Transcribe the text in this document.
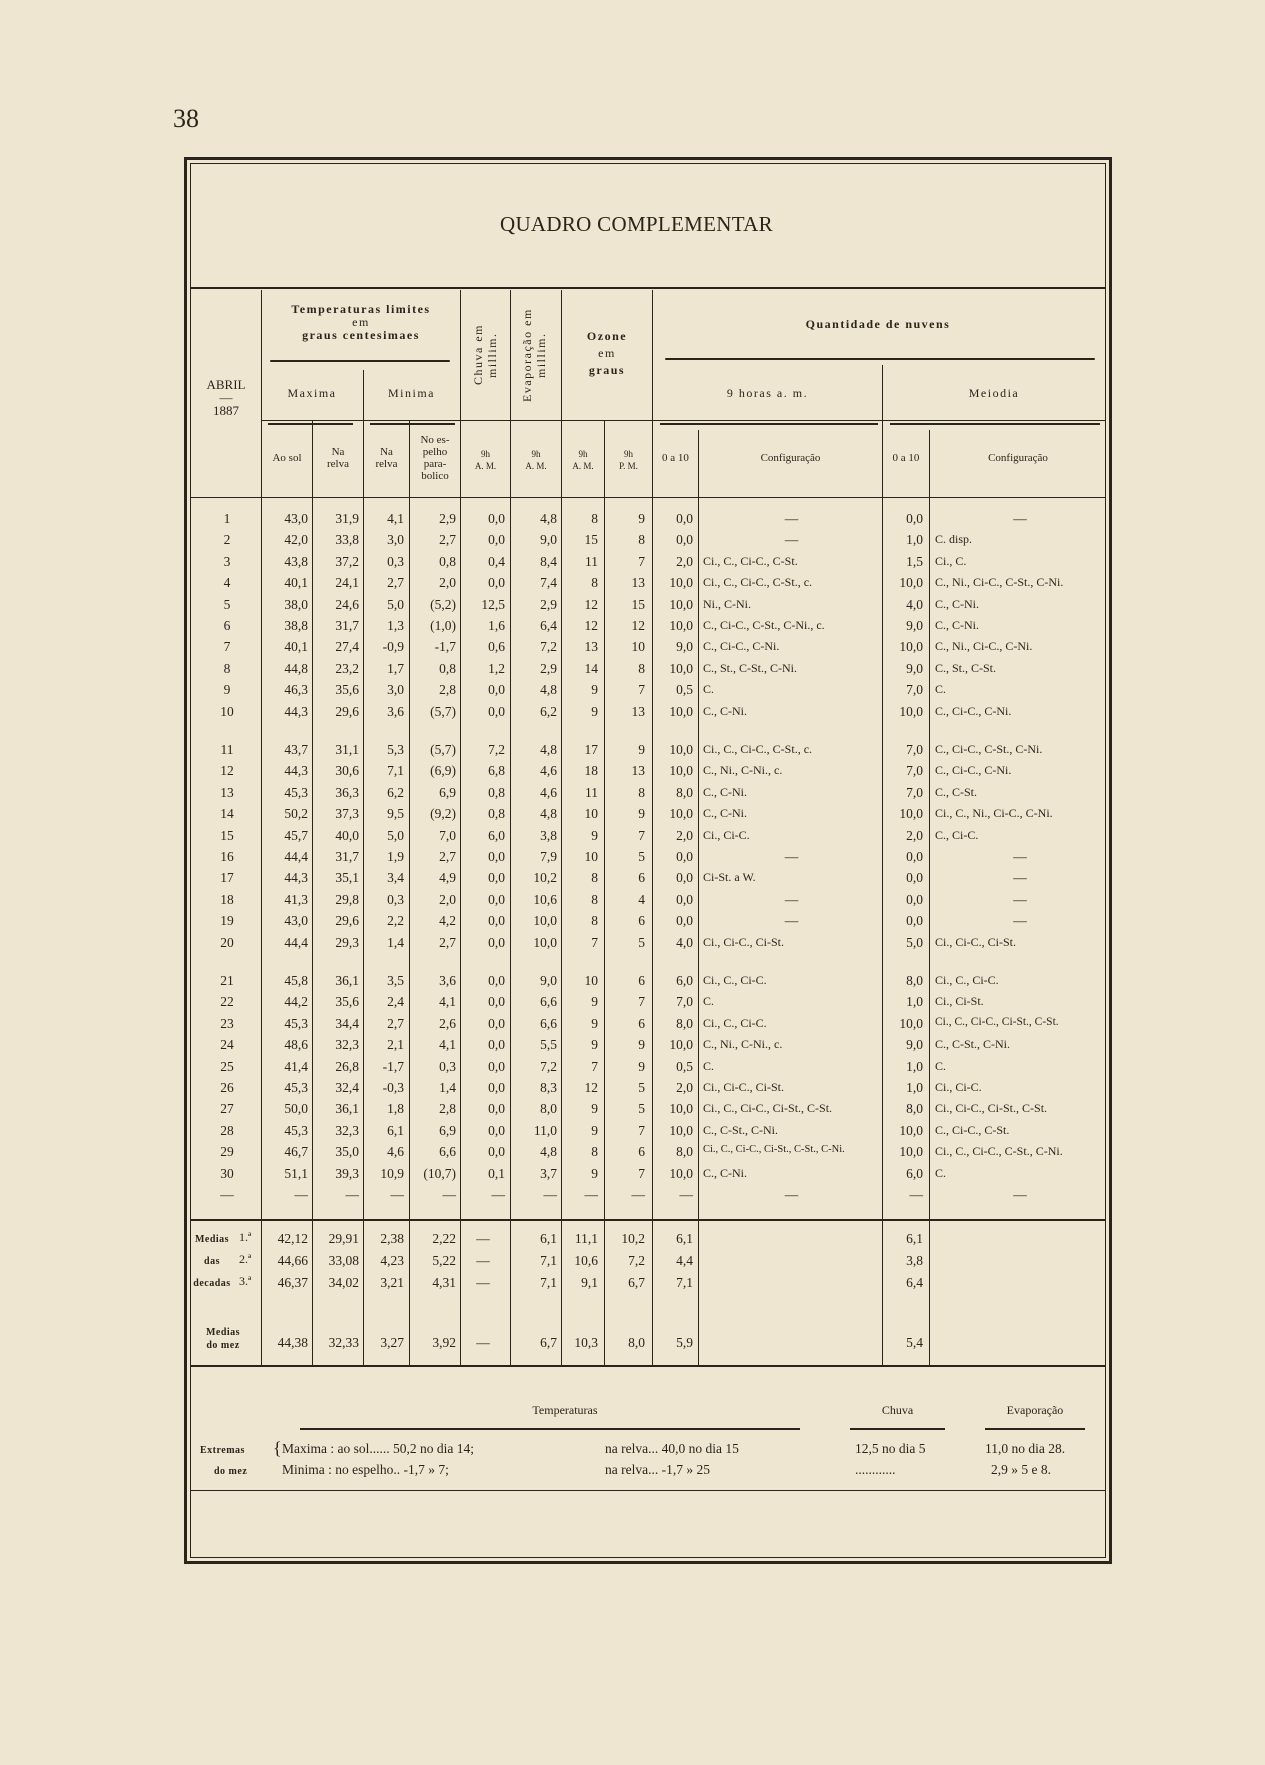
38
QUADRO COMPLEMENTAR
ABRIL
—
1887
Temperaturas limites
em
graus centesimaes
Maxima	Minima
Chuva em millim. Evaporação em millim.	Ozone
em
graus
Quantidade de nuvens
9 horas a. m.	Meiodia
Ao sol	Na
relva
Na
relva
No es-
pelho
para-
bolico
9h
A. M.
9h
A. M.
9h
A. M.
9h
P. M.
0 a 10	Configuração	0 a 10	Configuração
1	43,0	31,9	4,1	2,9	0,0	4,8	8	9	0,0	—	0,0	—
2	42,0	33,8	3,0	2,7	0,0	9,0	15	8	0,0	—	1,0 C. disp.
3	43,8	37,2	0,3	0,8	0,4	8,4	11	7	2,0 Ci., C., Ci-C., C-St.	1,5 Ci., C.
4	40,1	24,1	2,7	2,0	0,0	7,4	8	13	10,0 Ci., C., Ci-C., C-St., c.	10,0 C., Ni., Ci-C., C-St., C-Ni.
5	38,0	24,6	5,0	(5,2)	12,5	2,9	12	15	10,0 Ni., C-Ni.	4,0 C., C-Ni.
6	38,8	31,7	1,3	(1,0)	1,6	6,4	12	12	10,0 C., Ci-C., C-St., C-Ni., c.	9,0 C., C-Ni.
7	40,1	27,4	-0,9	-1,7	0,6	7,2	13	10	9,0 C., Ci-C., C-Ni.	10,0 C., Ni., Ci-C., C-Ni.
8	44,8	23,2	1,7	0,8	1,2	2,9	14	8	10,0 C., St., C-St., C-Ni.	9,0 C., St., C-St.
9	46,3	35,6	3,0	2,8	0,0	4,8	9	7	0,5 C.	7,0 C.
10	44,3	29,6	3,6	(5,7)	0,0	6,2	9	13	10,0 C., C-Ni.	10,0 C., Ci-C., C-Ni.
11	43,7	31,1	5,3	(5,7)	7,2	4,8	17	9	10,0 Ci., C., Ci-C., C-St., c.	7,0 C., Ci-C., C-St., C-Ni.
12	44,3	30,6	7,1	(6,9)	6,8	4,6	18	13	10,0 C., Ni., C-Ni., c.	7,0 C., Ci-C., C-Ni.
13	45,3	36,3	6,2	6,9	0,8	4,6	11	8	8,0 C., C-Ni.	7,0 C., C-St.
14	50,2	37,3	9,5	(9,2)	0,8	4,8	10	9	10,0 C., C-Ni.	10,0 Ci., C., Ni., Ci-C., C-Ni.
15	45,7	40,0	5,0	7,0	6,0	3,8	9	7	2,0 Ci., Ci-C.	2,0 C., Ci-C.
16	44,4	31,7	1,9	2,7	0,0	7,9	10	5	0,0	—	0,0	—
17	44,3	35,1	3,4	4,9	0,0	10,2	8	6	0,0 Ci-St. a W.	0,0	—
18	41,3	29,8	0,3	2,0	0,0	10,6	8	4	0,0	—	0,0	—
19	43,0	29,6	2,2	4,2	0,0	10,0	8	6	0,0	—	0,0	—
20	44,4	29,3	1,4	2,7	0,0	10,0	7	5	4,0 Ci., Ci-C., Ci-St.	5,0 Ci., Ci-C., Ci-St.
21	45,8	36,1	3,5	3,6	0,0	9,0	10	6	6,0 Ci., C., Ci-C.	8,0 Ci., C., Ci-C.
22	44,2	35,6	2,4	4,1	0,0	6,6	9	7	7,0 C.	1,0 Ci., Ci-St.
23	45,3	34,4	2,7	2,6	0,0	6,6	9	6	8,0 Ci., C., Ci-C.	10,0 Ci., C., Ci-C., Ci-St., C-St.
24	48,6	32,3	2,1	4,1	0,0	5,5	9	9	10,0 C., Ni., C-Ni., c.	9,0 C., C-St., C-Ni.
25	41,4	26,8	-1,7	0,3	0,0	7,2	7	9	0,5 C.	1,0 C.
26	45,3	32,4	-0,3	1,4	0,0	8,3	12	5	2,0 Ci., Ci-C., Ci-St.	1,0 Ci., Ci-C.
27	50,0	36,1	1,8	2,8	0,0	8,0	9	5	10,0 Ci., C., Ci-C., Ci-St., C-St.	8,0 Ci., Ci-C., Ci-St., C-St.
28	45,3	32,3	6,1	6,9	0,0	11,0	9	7	10,0 C., C-St., C-Ni.	10,0 C., Ci-C., C-St.
29	46,7	35,0	4,6	6,6	0,0	4,8	8	6	8,0 Ci., C., Ci-C., Ci-St., C-St., C-Ni.	10,0 Ci., C., Ci-C., C-St., C-Ni.
30	51,1	39,3	10,9	(10,7)	0,1	3,7	9	7	10,0 C., C-Ni.	6,0 C.
—	—	—	—	—	—	—	—	—	—	—	—	—
Medias
das
decadas
1.ª
2.ª
3.ª
42,12	29,91	2,38	2,22	—	6,1	11,1	10,2	6,1	6,1
44,66	33,08	4,23	5,22	—	7,1	10,6	7,2	4,4	3,8
46,37	34,02	3,21	4,31	—	7,1	9,1	6,7	7,1	6,4
Medias
do mez	44,38	32,33	3,27	3,92	—	6,7	10,3	8,0	5,9	5,4
Temperaturas	Chuva	Evaporação
Extremas
do mez
{ Maxima : ao sol...... 50,2 no dia 14;	na relva... 40,0 no dia 15
Minima : no espelho.. -1,7 » 7;	na relva... -1,7 » 25
12,5 no dia 5
............
11,0 no dia 28.
2,9 » 5 e 8.
